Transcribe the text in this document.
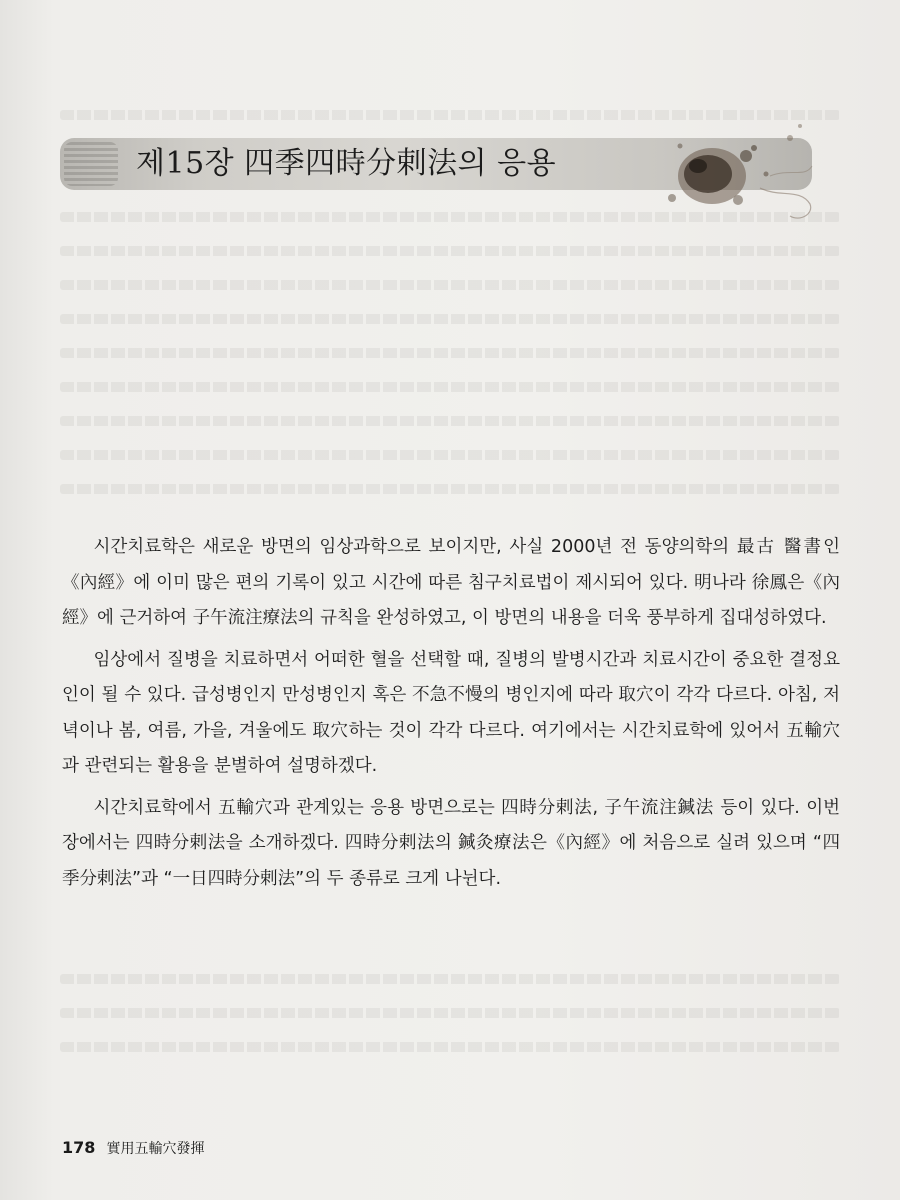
제15장 四季四時分剌法의 응용

시간치료학은 새로운 방면의 임상과학으로 보이지만, 사실 2000년 전 동양의학의 最古 醫書인《內經》에 이미 많은 편의 기록이 있고 시간에 따른 침구치료법이 제시되어 있다. 明나라 徐鳳은《內經》에 근거하여 子午流注療法의 규칙을 완성하였고, 이 방면의 내용을 더욱 풍부하게 집대성하였다.

임상에서 질병을 치료하면서 어떠한 혈을 선택할 때, 질병의 발병시간과 치료시간이 중요한 결정요인이 될 수 있다. 급성병인지 만성병인지 혹은 不急不慢의 병인지에 따라 取穴이 각각 다르다. 아침, 저녁이나 봄, 여름, 가을, 겨울에도 取穴하는 것이 각각 다르다. 여기에서는 시간치료학에 있어서 五輸穴과 관련되는 활용을 분별하여 설명하겠다.

시간치료학에서 五輸穴과 관계있는 응용 방면으로는 四時分剌法, 子午流注鍼法 등이 있다. 이번 장에서는 四時分剌法을 소개하겠다. 四時分剌法의 鍼灸療法은《內經》에 처음으로 실려 있으며 “四季分剌法”과 “一日四時分剌法”의 두 종류로 크게 나뉜다.

178 實用五輸穴發揮
